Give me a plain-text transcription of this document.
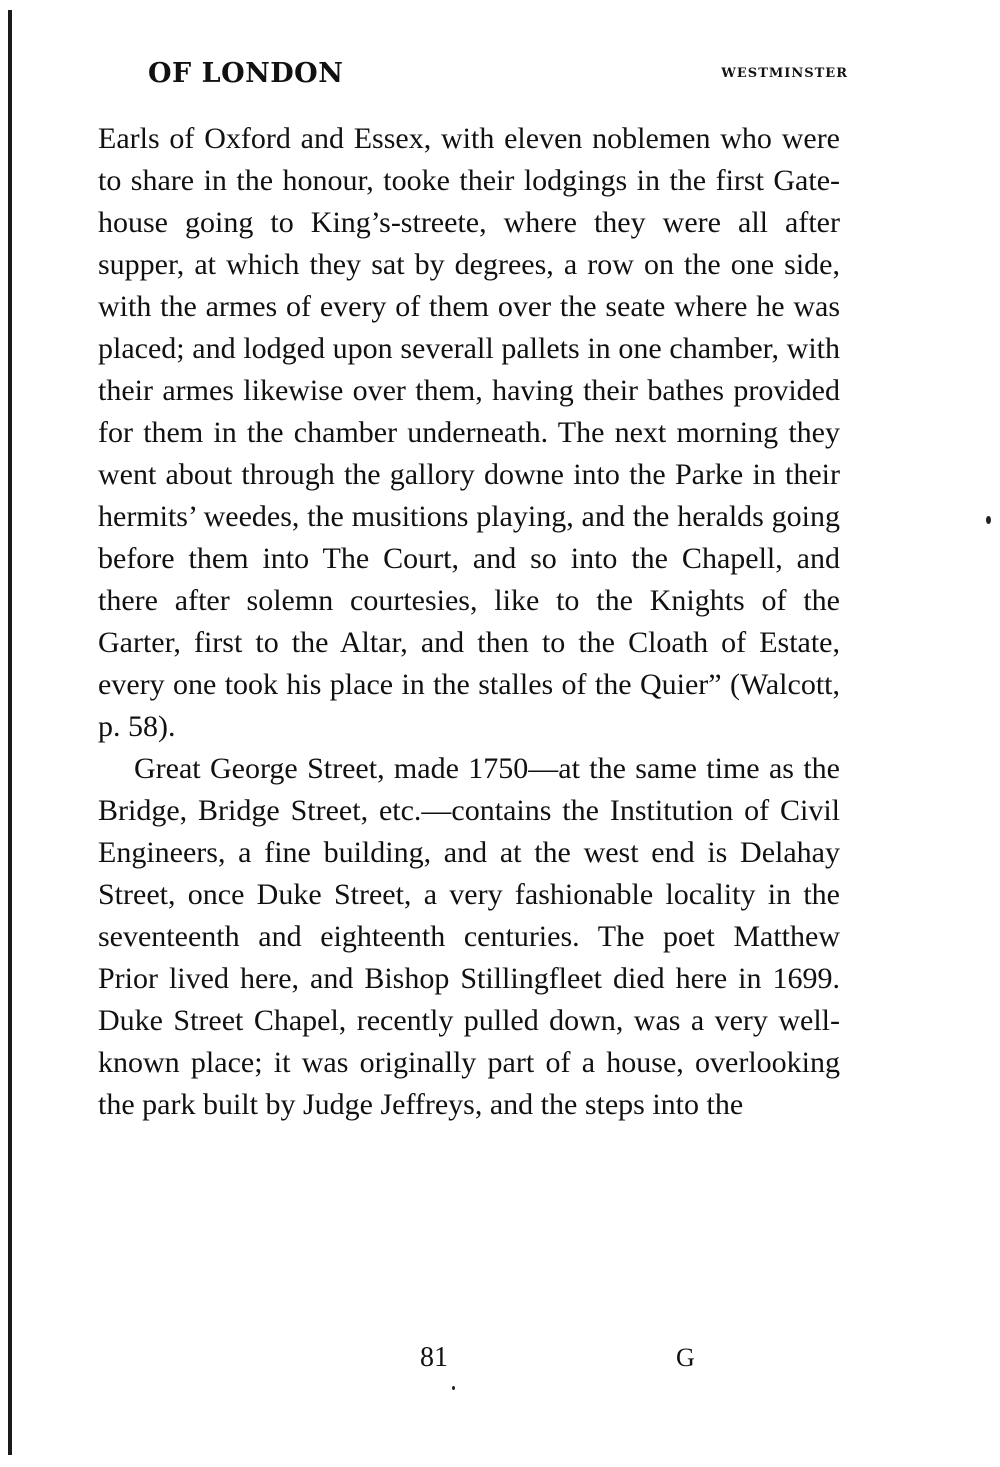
OF LONDON	WESTMINSTER

Earls of Oxford and Essex, with eleven noblemen who were to share in the honour, tooke their lodgings in the first Gate-house going to King’s-streete, where they were all after supper, at which they sat by degrees, a row on the one side, with the armes of every of them over the seate where he was placed; and lodged upon severall pallets in one chamber, with their armes likewise over them, having their bathes provided for them in the chamber underneath. The next morning they went about through the gallory downe into the Parke in their hermits’ weedes, the musitions playing, and the heralds going before them into The Court, and so into the Chapell, and there after solemn courtesies, like to the Knights of the Garter, first to the Altar, and then to the Cloath of Estate, every one took his place in the stalles of the Quier” (Walcott, p. 58).

Great George Street, made 1750—at the same time as the Bridge, Bridge Street, etc.—contains the Institution of Civil Engineers, a fine building, and at the west end is Delahay Street, once Duke Street, a very fashionable locality in the seventeenth and eighteenth centuries. The poet Matthew Prior lived here, and Bishop Stillingfleet died here in 1699. Duke Street Chapel, recently pulled down, was a very well-known place; it was originally part of a house, overlooking the park built by Judge Jeffreys, and the steps into the

81	G
